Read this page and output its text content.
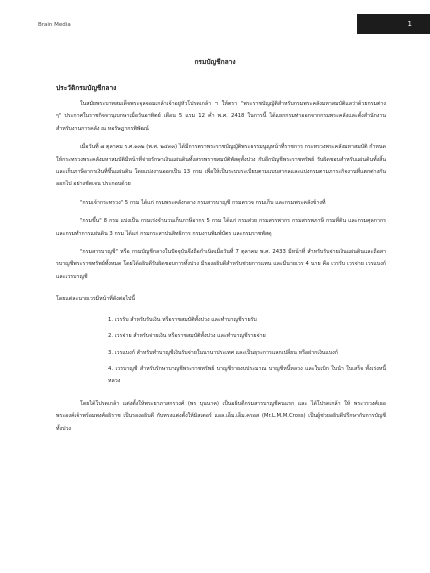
Brain Media	1
กรมบัญชีกลาง
ประวัติกรมบัญชีกลาง

ในสมัยพระบาทสมเด็จพระจุลจอมเกล้าเจ้าอยู่หัวโปรดเกล้า ฯ ให้ตรา "พระราชบัญญัติสำหรับกรมพระคลังมหาสมบัติแลว่าด้วยกรมต่าง ๆ" ประกาศในราชกิจจานุเบกษาเมื่อวันอาทิตย์ เดือน 5 แรม 12 ค่ำ พ.ศ. 2418 ในการนี้ ได้แยกกรมท่าออกจากกรมพระคลังและตั้งสำนักงานสำหรับงานการคลัง ณ หอรัษฎากรพิพัฒน์

เมื่อวันที่ ๗ ตุลาคม ร.ศ.๑๓๒ (พ.ศ. ๒๔๓๓) ได้มีการตราพระราชบัญญัติพระธรรมนูญหน้าที่ราชการ กระทรวงพระคลังมหาสมบัติ กำหนดให้กระทรวงพระคลังมหาสมบัติมีหน้าที่จ่ายรักษาเงินแผ่นดินทั้งสรรพราชสมบัติพัสดุทั้งปวง กับอีกบัญชีพระราชทรัพย์ รับผิดชอบสำหรับแผ่นดินทั้งสิ้นและเก็บภาษีอากรเงินที่ขึ้นแผ่นดิน โดยแบ่งงานออกเป็น 13 กรม เพื่อให้เป็นระบบระเบียบตามแบบสากลและแบ่งกรมตามภาระกิจงานที่แตกต่างกันออกไป อย่างชัดเจน ประกอบด้วย

"กรมเจ้ากระทรวง" 5 กรม ได้แก่ กรมพระคลังกลาง กรมสารบาญชี กรมตรวจ กรมเก็บ และกรมพระคลังข้างที่

"กรมขึ้น" 8 กรม แบ่งเป็น กรมเร่งจำนวนเก็บภาษีอากร 5 กรม ได้แก่ กรมส่วย กรมสรรพากร กรมสรรพภาษี กรมที่ดิน และกรมศุลกากร และกรมทำการแผ่นดิน 3 กรม ได้แก่ กรมกระสาปนสิทธิการ กรมงานพิมพ์บัตร และกรมราชพัสดุ

"กรมสารบาญชี" หรือ กรมบัญชีกลางในปัจจุบันจึงถือกำเนิดเมื่อวันที่ 7 ตุลาคม พ.ศ. 2433 มีหน้าที่ สำหรับรับจ่ายเงินแผ่นดินและถือสารบาญชีพระราชทรัพย์ทั้งหมด โดยได้อธิบดีรับผิดชอบการทั้งปวง มีรองอธิบดีสำหรับช่วยการแทน และมีนายเวร 4 นาย คือ เวรรับ เวรจ่าย เวรแบงก์ และเวรบาญชี

โดยแต่ละนายเวรมีหน้าที่ดังต่อไปนี้

1. เวรรับ สำหรับรับเงิน หรือราชสมบัติทั้งปวง และทำบาญชีรายรับ
2. เวรจ่าย สำหรับจ่ายเงิน หรือราชสมบัติทั้งปวง และทำบาญชีรายจ่าย
3. เวรแบงก์ สำหรับทำบาญชีเงินรับจ่ายในนานาประเทศ และเป็นธุระการแลกเปลี่ยน หรือฝากเงินแบงก์
4. เวรบาญชี สำหรับรักษาบาญชีพระราชทรัพย์ บาญชีรายงบประมาณ บาญชีหนี้หลวง และใบเบิก ใบนำ ใบเสร็จ ทั้งเร่งหนี้หลวง

โดยได้โปรดเกล้า แต่งตั้งให้พระยาภาสกรวงศ์ (พร บุนนาค) เป็นอธิบดีกรมสารบาญชีคนแรก และ ได้โปรดเกล้า ให้ พระวรวงศ์เธอพระองค์เจ้าพร้อมพงศ์อธิราช เป็นรองอธิบดี กับทรงแต่งตั้งให้มิสเตอร์ แอล.เอ็ม.เอ็ม.ครอส (Mr.L.M.M.Cross) เป็นผู้ช่วยอธิบดีปรึกษากับการบัญชีทั้งปวง
